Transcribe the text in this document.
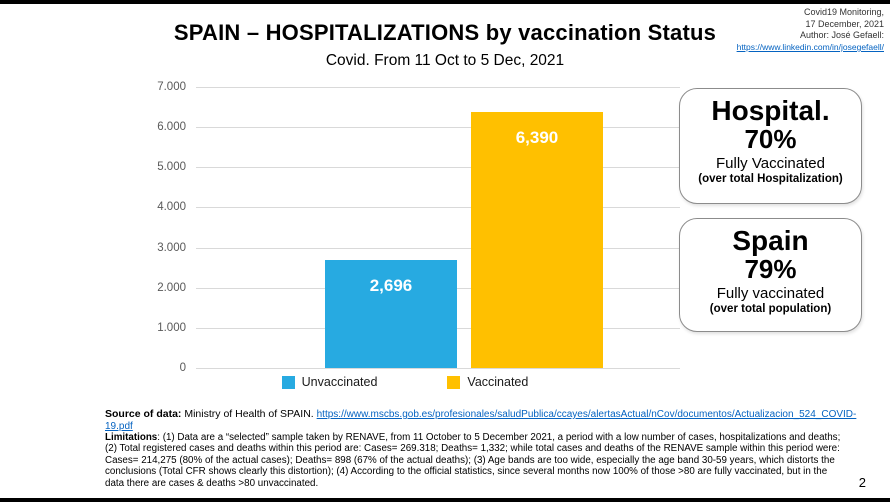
SPAIN – HOSPITALIZATIONS by vaccination Status
Covid. From 11 Oct to 5 Dec, 2021
Covid19 Monitoring,
17 December, 2021
Author: José Gefaell:
https://www.linkedin.com/in/josegefaell/
7.000
6.000
5.000
4.000
3.000
2.000
1.000
0
2,696
6,390
Unvaccinated	Vaccinated
Hospital.
70%
Fully Vaccinated
(over total Hospitalization)
Spain
79%
Fully vaccinated
(over total population)
Source of data: Ministry of Health of SPAIN. https://www.mscbs.gob.es/profesionales/saludPublica/ccayes/alertasActual/nCov/documentos/Actualizacion_524_COVID-19.pdf
Limitations: (1) Data are a “selected” sample taken by RENAVE, from 11 October to 5 December 2021, a period with a low number of cases, hospitalizations and deaths; (2) Total registered cases and deaths within this period are: Cases= 269.318; Deaths= 1,332; while total cases and deaths of the RENAVE sample within this period were: Cases= 214,275 (80% of the actual cases); Deaths= 898 (67% of the actual deaths); (3) Age bands are too wide, especially the age band 30-59 years, which distorts the conclusions (Total CFR shows clearly this distortion); (4) According to the official statistics, since several months now 100% of those >80 are fully vaccinated, but in the data there are cases & deaths >80 unvaccinated.	2
